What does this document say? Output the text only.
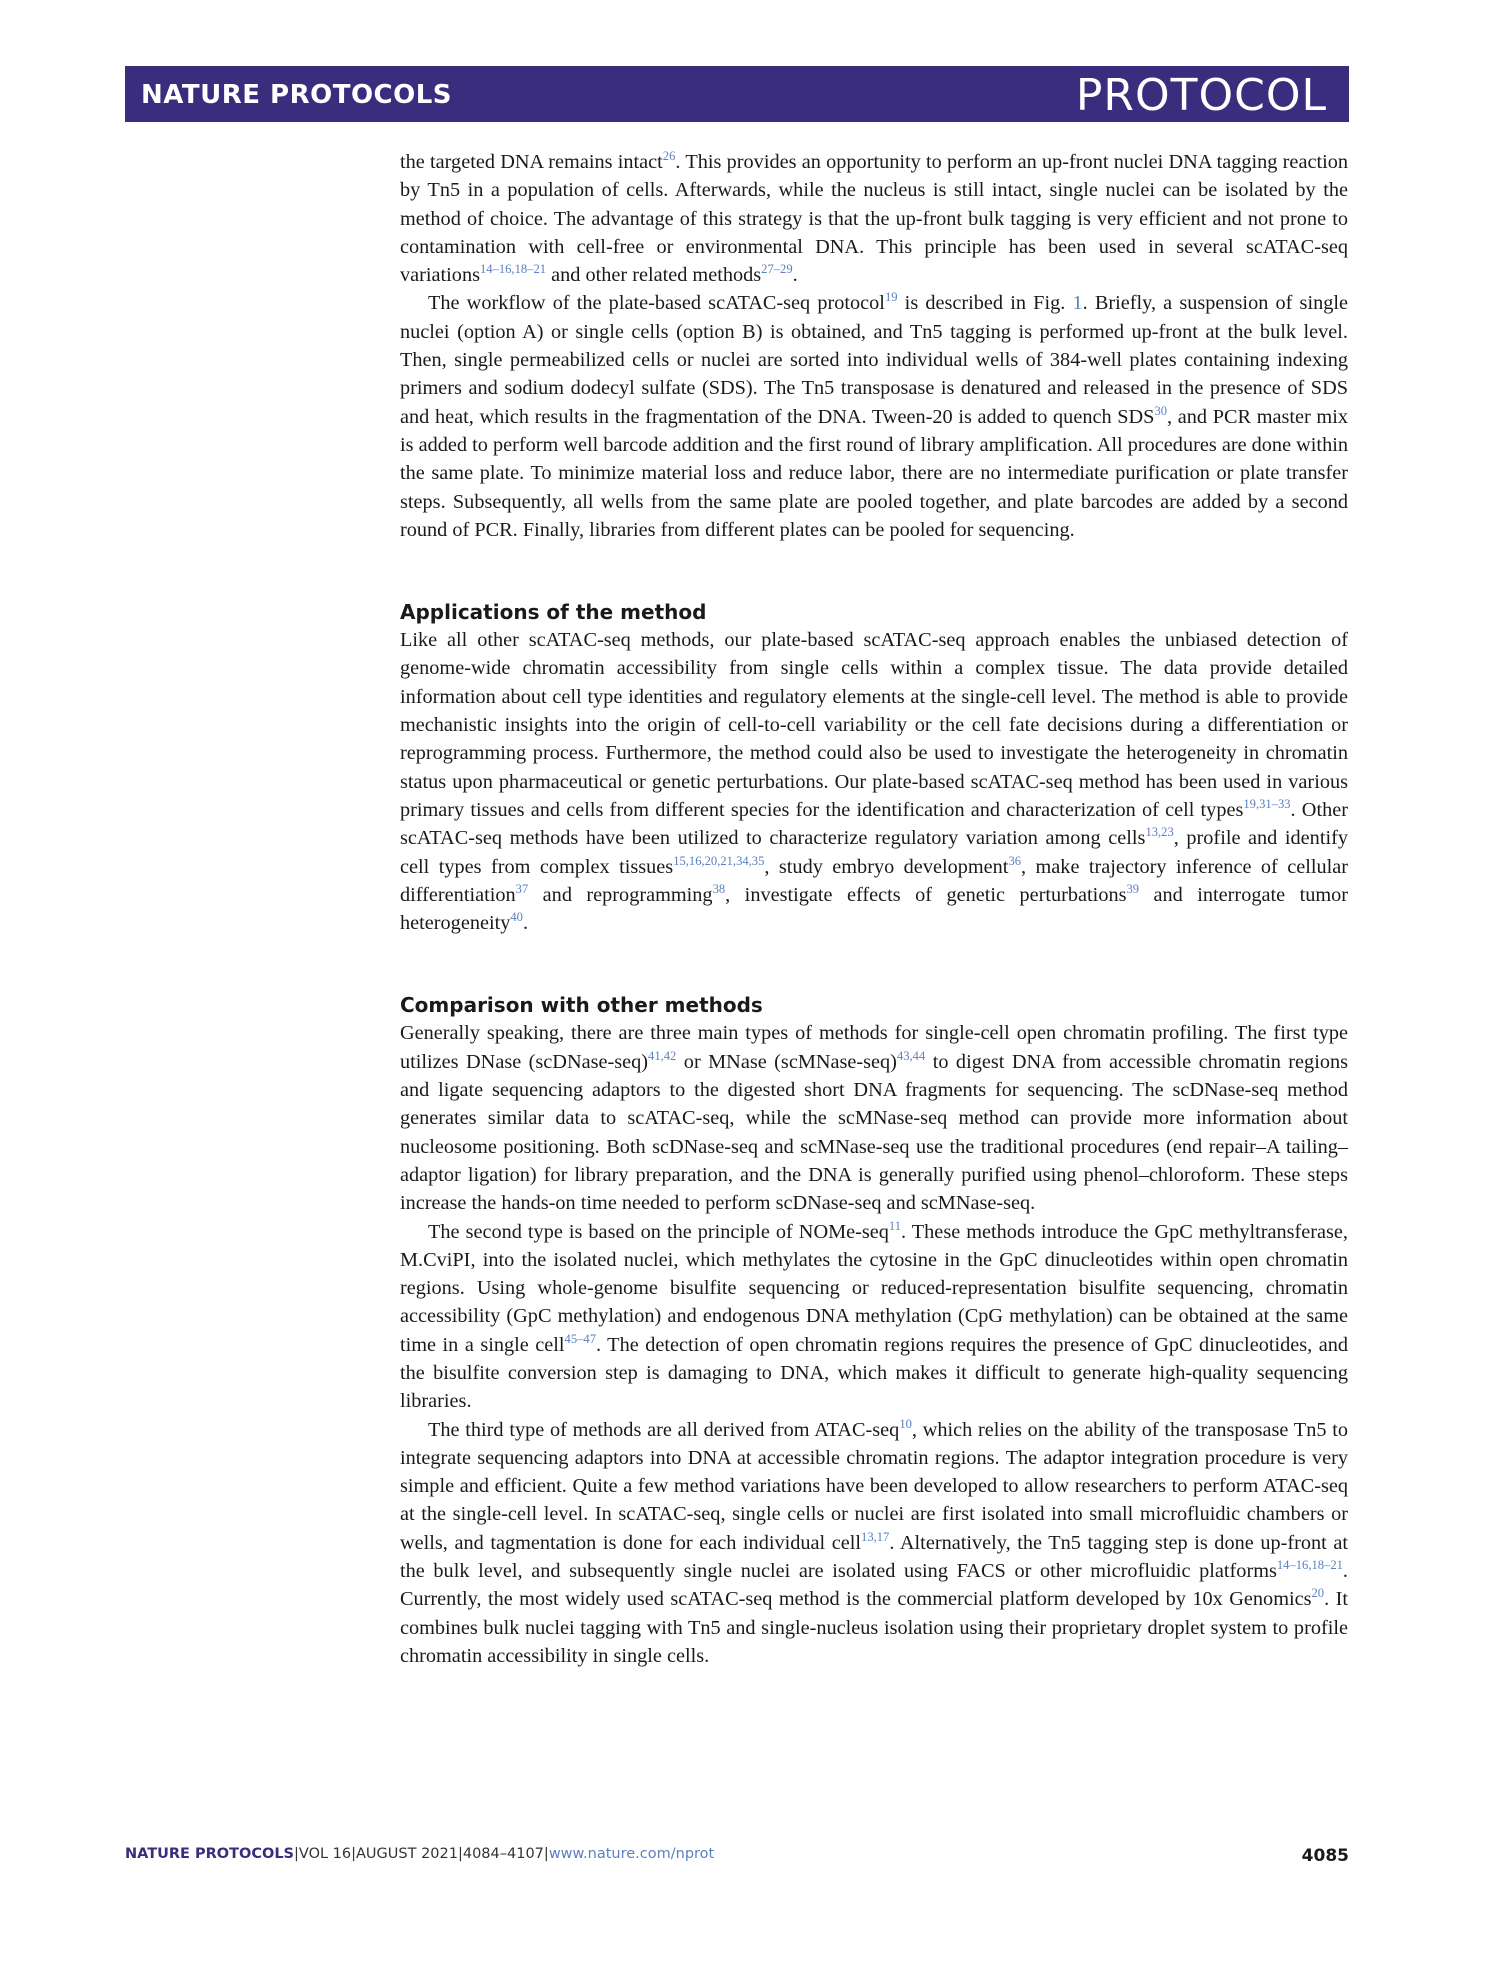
NATURE PROTOCOLS	PROTOCOL

the targeted DNA remains intact$^{26}$. This provides an opportunity to perform an up-front nuclei DNA tagging reaction by Tn5 in a population of cells. Afterwards, while the nucleus is still intact, single nuclei can be isolated by the method of choice. The advantage of this strategy is that the up-front bulk tagging is very efficient and not prone to contamination with cell-free or environmental DNA. This principle has been used in several scATAC-seq variations$^{14-16,18-21}$ and other related methods$^{27-29}$.

The workflow of the plate-based scATAC-seq protocol$^{19}$ is described in Fig. 1. Briefly, a suspension of single nuclei (option A) or single cells (option B) is obtained, and Tn5 tagging is performed up-front at the bulk level. Then, single permeabilized cells or nuclei are sorted into individual wells of 384-well plates containing indexing primers and sodium dodecyl sulfate (SDS). The Tn5 transposase is denatured and released in the presence of SDS and heat, which results in the fragmentation of the DNA. Tween-20 is added to quench SDS$^{30}$, and PCR master mix is added to perform well barcode addition and the first round of library amplification. All procedures are done within the same plate. To minimize material loss and reduce labor, there are no intermediate purification or plate transfer steps. Subsequently, all wells from the same plate are pooled together, and plate barcodes are added by a second round of PCR. Finally, libraries from different plates can be pooled for sequencing.

Applications of the method

Like all other scATAC-seq methods, our plate-based scATAC-seq approach enables the unbiased detection of genome-wide chromatin accessibility from single cells within a complex tissue. The data provide detailed information about cell type identities and regulatory elements at the single-cell level. The method is able to provide mechanistic insights into the origin of cell-to-cell variability or the cell fate decisions during a differentiation or reprogramming process. Furthermore, the method could also be used to investigate the heterogeneity in chromatin status upon pharmaceutical or genetic perturbations. Our plate-based scATAC-seq method has been used in various primary tissues and cells from different species for the identification and characterization of cell types$^{19,31-33}$. Other scATAC-seq methods have been utilized to characterize regulatory variation among cells$^{13,23}$, profile and identify cell types from complex tissues$^{15,16,20,21,34,35}$, study embryo development$^{36}$, make trajectory inference of cellular differentiation$^{37}$ and reprogramming$^{38}$, investigate effects of genetic perturbations$^{39}$ and interrogate tumor heterogeneity$^{40}$.

Comparison with other methods

Generally speaking, there are three main types of methods for single-cell open chromatin profiling. The first type utilizes DNase (scDNase-seq)$^{41,42}$ or MNase (scMNase-seq)$^{43,44}$ to digest DNA from accessible chromatin regions and ligate sequencing adaptors to the digested short DNA fragments for sequencing. The scDNase-seq method generates similar data to scATAC-seq, while the scMNase-seq method can provide more information about nucleosome positioning. Both scDNase-seq and scMNase-seq use the traditional procedures (end repair–A tailing–adaptor ligation) for library preparation, and the DNA is generally purified using phenol–chloroform. These steps increase the hands-on time needed to perform scDNase-seq and scMNase-seq.

The second type is based on the principle of NOMe-seq$^{11}$. These methods introduce the GpC methyltransferase, M.CviPI, into the isolated nuclei, which methylates the cytosine in the GpC dinucleotides within open chromatin regions. Using whole-genome bisulfite sequencing or reduced-representation bisulfite sequencing, chromatin accessibility (GpC methylation) and endogenous DNA methylation (CpG methylation) can be obtained at the same time in a single cell$^{45-47}$. The detection of open chromatin regions requires the presence of GpC dinucleotides, and the bisulfite conversion step is damaging to DNA, which makes it difficult to generate high-quality sequencing libraries.

The third type of methods are all derived from ATAC-seq$^{10}$, which relies on the ability of the transposase Tn5 to integrate sequencing adaptors into DNA at accessible chromatin regions. The adaptor integration procedure is very simple and efficient. Quite a few method variations have been developed to allow researchers to perform ATAC-seq at the single-cell level. In scATAC-seq, single cells or nuclei are first isolated into small microfluidic chambers or wells, and tagmentation is done for each individual cell$^{13,17}$. Alternatively, the Tn5 tagging step is done up-front at the bulk level, and subsequently single nuclei are isolated using FACS or other microfluidic platforms$^{14-16,18-21}$. Currently, the most widely used scATAC-seq method is the commercial platform developed by 10x Genomics$^{20}$. It combines bulk nuclei tagging with Tn5 and single-nucleus isolation using their proprietary droplet system to profile chromatin accessibility in single cells.

NATURE PROTOCOLS|VOL 16|AUGUST 2021|4084–4107|www.nature.com/nprot	4085
